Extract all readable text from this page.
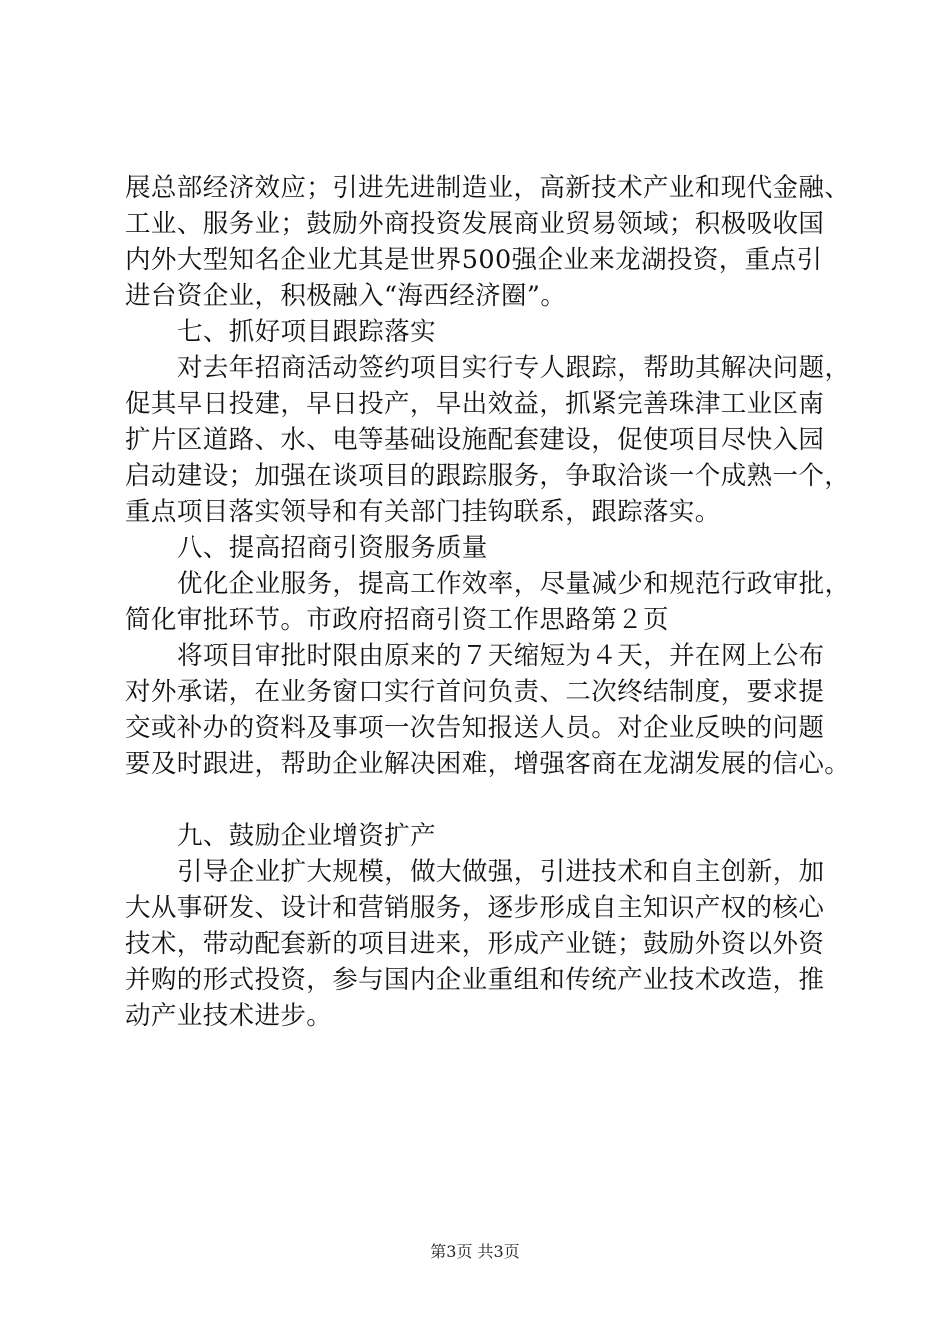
展总部经济效应；引进先进制造业，高新技术产业和现代金融、
工业、服务业；鼓励外商投资发展商业贸易领域；积极吸收国
内外大型知名企业尤其是世界500强企业来龙湖投资，重点引
进台资企业，积极融入“海西经济圈”。
七、抓好项目跟踪落实
对去年招商活动签约项目实行专人跟踪，帮助其解决问题，
促其早日投建，早日投产，早出效益，抓紧完善珠津工业区南
扩片区道路、水、电等基础设施配套建设，促使项目尽快入园
启动建设；加强在谈项目的跟踪服务，争取洽谈一个成熟一个，
重点项目落实领导和有关部门挂钩联系，跟踪落实。
八、提高招商引资服务质量
优化企业服务，提高工作效率，尽量减少和规范行政审批，
简化审批环节。市政府招商引资工作思路第２页
将项目审批时限由原来的７天缩短为４天，并在网上公布
对外承诺，在业务窗口实行首问负责、二次终结制度，要求提
交或补办的资料及事项一次告知报送人员。对企业反映的问题
要及时跟进，帮助企业解决困难，增强客商在龙湖发展的信心。
九、鼓励企业增资扩产
引导企业扩大规模，做大做强，引进技术和自主创新，加
大从事研发、设计和营销服务，逐步形成自主知识产权的核心
技术，带动配套新的项目进来，形成产业链；鼓励外资以外资
并购的形式投资，参与国内企业重组和传统产业技术改造，推
动产业技术进步。
第3页 共3页
